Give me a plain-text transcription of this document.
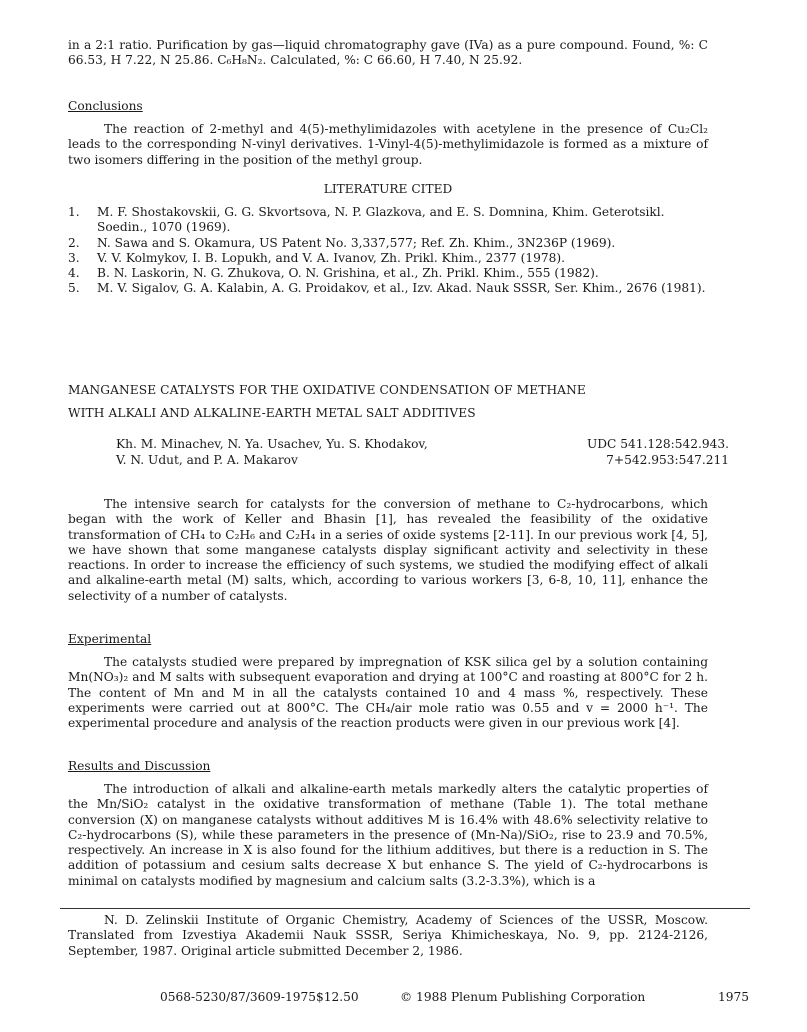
in a 2:1 ratio. Purification by gas—liquid chromatography gave (IVa) as a pure compound. Found, %: C 66.53, H 7.22, N 25.86. C₆H₈N₂. Calculated, %: C 66.60, H 7.40, N 25.92.

Conclusions

The reaction of 2-methyl and 4(5)-methylimidazoles with acetylene in the presence of Cu₂Cl₂ leads to the corresponding N-vinyl derivatives. 1-Vinyl-4(5)-methylimidazole is formed as a mixture of two isomers differing in the position of the methyl group.

LITERATURE CITED

1.	M. F. Shostakovskii, G. G. Skvortsova, N. P. Glazkova, and E. S. Domnina, Khim. Geterotsikl. Soedin., 1070 (1969).
2.	N. Sawa and S. Okamura, US Patent No. 3,337,577; Ref. Zh. Khim., 3N236P (1969).
3.	V. V. Kolmykov, I. B. Lopukh, and V. A. Ivanov, Zh. Prikl. Khim., 2377 (1978).
4.	B. N. Laskorin, N. G. Zhukova, O. N. Grishina, et al., Zh. Prikl. Khim., 555 (1982).
5.	M. V. Sigalov, G. A. Kalabin, A. G. Proidakov, et al., Izv. Akad. Nauk SSSR, Ser. Khim., 2676 (1981).

MANGANESE CATALYSTS FOR THE OXIDATIVE CONDENSATION OF METHANE

WITH ALKALI AND ALKALINE-EARTH METAL SALT ADDITIVES

Kh. M. Minachev, N. Ya. Usachev, Yu. S. Khodakov,

V. N. Udut, and P. A. Makarov

UDC 541.128:542.943.

7+542.953:547.211

The intensive search for catalysts for the conversion of methane to C₂-hydrocarbons, which began with the work of Keller and Bhasin [1], has revealed the feasibility of the oxidative transformation of CH₄ to C₂H₆ and C₂H₄ in a series of oxide systems [2-11]. In our previous work [4, 5], we have shown that some manganese catalysts display significant activity and selectivity in these reactions. In order to increase the efficiency of such systems, we studied the modifying effect of alkali and alkaline-earth metal (M) salts, which, according to various workers [3, 6-8, 10, 11], enhance the selectivity of a number of catalysts.

Experimental

The catalysts studied were prepared by impregnation of KSK silica gel by a solution containing Mn(NO₃)₂ and M salts with subsequent evaporation and drying at 100°C and roasting at 800°C for 2 h. The content of Mn and M in all the catalysts contained 10 and 4 mass %, respectively. These experiments were carried out at 800°C. The CH₄/air mole ratio was 0.55 and v = 2000 h⁻¹. The experimental procedure and analysis of the reaction products were given in our previous work [4].

Results and Discussion

The introduction of alkali and alkaline-earth metals markedly alters the catalytic properties of the Mn/SiO₂ catalyst in the oxidative transformation of methane (Table 1). The total methane conversion (X) on manganese catalysts without additives M is 16.4% with 48.6% selectivity relative to C₂-hydrocarbons (S), while these parameters in the presence of (Mn-Na)/SiO₂, rise to 23.9 and 70.5%, respectively. An increase in X is also found for the lithium additives, but there is a reduction in S. The addition of potassium and cesium salts decrease X but enhance S. The yield of C₂-hydrocarbons is minimal on catalysts modified by magnesium and calcium salts (3.2-3.3%), which is a

N. D. Zelinskii Institute of Organic Chemistry, Academy of Sciences of the USSR, Moscow. Translated from Izvestiya Akademii Nauk SSSR, Seriya Khimicheskaya, No. 9, pp. 2124-2126, September, 1987. Original article submitted December 2, 1986.

0568-5230/87/3609-1975$12.50	© 1988 Plenum Publishing Corporation	1975
